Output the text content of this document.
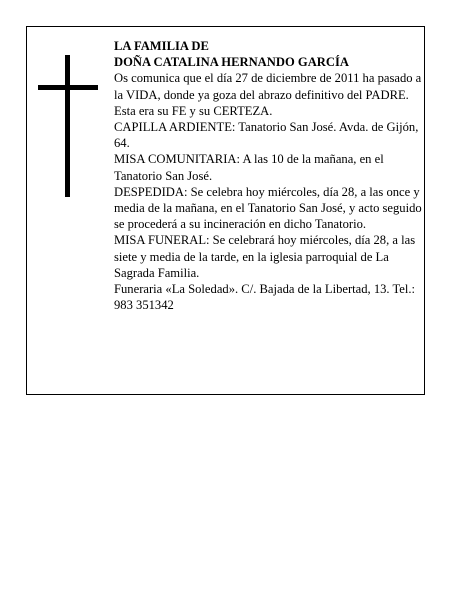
LA FAMILIA DE
DOÑA CATALINA HERNANDO GARCÍA

Os comunica que el día 27 de diciembre de 2011 ha pasado a la VIDA, donde ya goza del abrazo definitivo del PADRE. Esta era su FE y su CERTEZA.

CAPILLA ARDIENTE: Tanatorio San José. Avda. de Gijón, 64.

MISA COMUNITARIA: A las 10 de la mañana, en el Tanatorio San José.

DESPEDIDA: Se celebra hoy miércoles, día 28, a las once y media de la mañana, en el Tanatorio San José, y acto seguido se procederá a su incineración en dicho Tanatorio.

MISA FUNERAL: Se celebrará hoy miércoles, día 28, a las siete y media de la tarde, en la iglesia parroquial de La Sagrada Familia.

Funeraria «La Soledad». C/. Bajada de la Libertad, 13. Tel.: 983 351342
